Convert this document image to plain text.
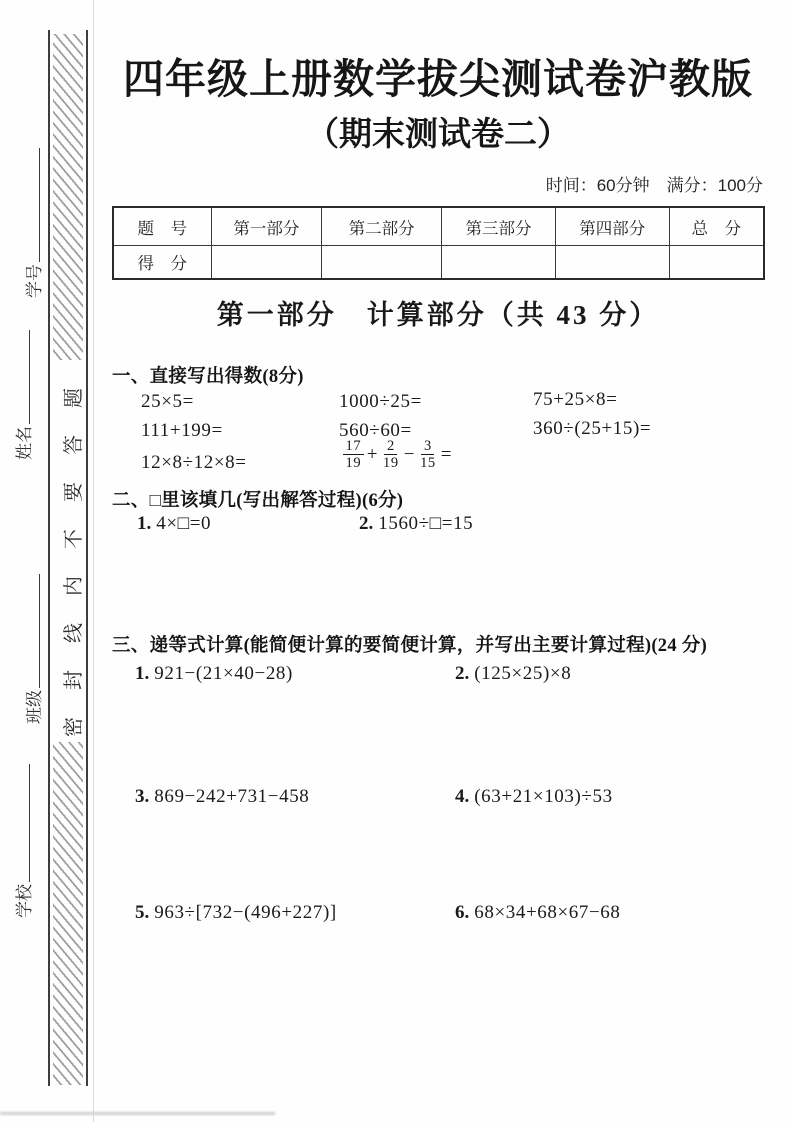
密封线内不要答题
学号
姓名
班级
学校
四年级上册数学拔尖测试卷沪教版
（期末测试卷二）
时间：60分钟　满分：100分
题　号	第一部分	第二部分	第三部分	第四部分	总　分
得　分					
第一部分　计算部分（共 43 分）
一、直接写出得数(8分)
25×5=	1000÷25=	75+25×8=
111+199=	560÷60=	360÷(25+15)=
12×8÷12×8=	$\frac{17}{19} + \frac{2}{19} - \frac{3}{15}$ =
二、□里该填几(写出解答过程)(6分)
1. 4×□=0	2. 1560÷□=15
三、递等式计算(能简便计算的要简便计算，并写出主要计算过程)(24 分)
1. 921−(21×40−28)	2. (125×25)×8
3. 869−242+731−458	4. (63+21×103)÷53
5. 963÷[732−(496+227)]	6. 68×34+68×67−68
